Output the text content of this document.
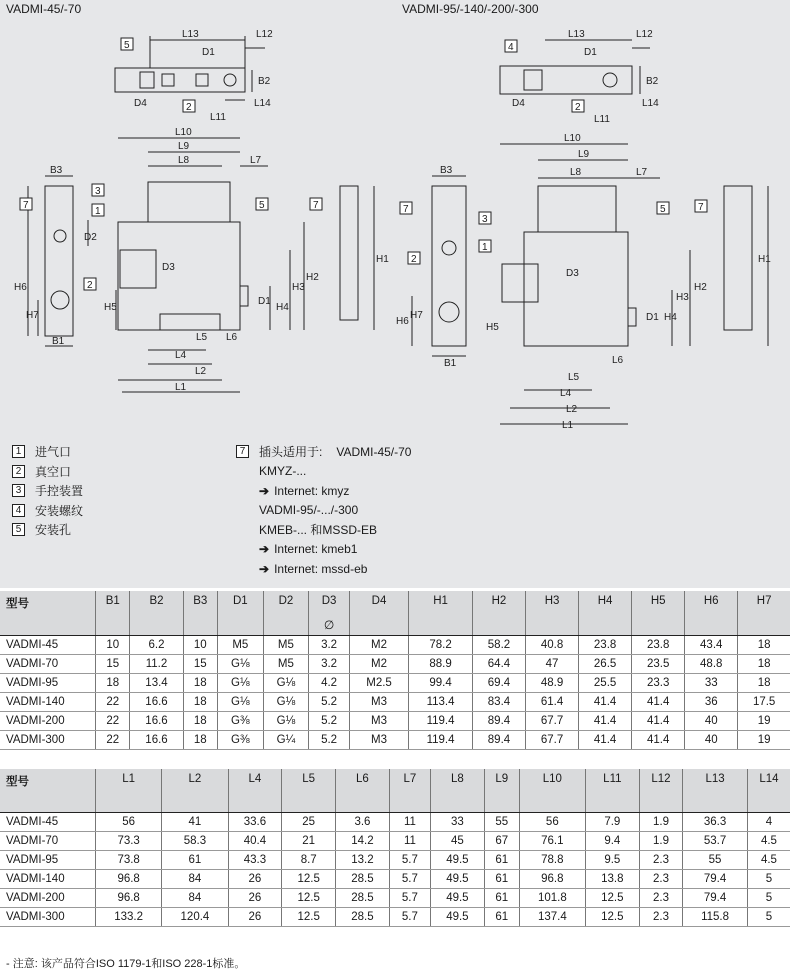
VADMI-45/-70	VADMI-95/-140/-200/-300
L13	L12
D1
B2
D4
L11
L14
L10
L9
L8	L7
B3
D2
H6
H7
B1
D3
H5
D1
H4
H3
H2
H1
L5 L6
L4
L2
L1
L13	L12
D1
B2
D4
L11
L14
L10
L9
L8	L7
B3
D3
H6
H7
H5
B1
D1 H4
H3
H2
H1
L6
L5
L4
L2
L1
5
2
7
3
1
2
5	7
4
2
7
3
1
2
5	7
1	进气口
2	真空口
3	手控装置
4	安装螺纹
5	安装孔
7	插头适用于: VADMI-45/-70
KMYZ-...
➔ Internet: kmyz
VADMI-95/-.../-300
KMEB-... 和MSSD-EB
➔ Internet: kmeb1
➔ Internet: mssd-eb
型号	B1	B2	B3	D1	D2	D3	D4	H1	H2	H3	H4	H5	H6	H7
						∅								
VADMI-45	10	6.2	10	M5	M5	3.2	M2	78.2	58.2	40.8	23.8	23.8	43.4	18
VADMI-70	15	11.2	15	G⅛	M5	3.2	M2	88.9	64.4	47	26.5	23.5	48.8	18
VADMI-95	18	13.4	18	G⅛	G⅛	4.2	M2.5	99.4	69.4	48.9	25.5	23.3	33	18
VADMI-140	22	16.6	18	G⅛	G⅛	5.2	M3	113.4	83.4	61.4	41.4	41.4	36	17.5
VADMI-200	22	16.6	18	G⅜	G⅛	5.2	M3	119.4	89.4	67.7	41.4	41.4	40	19
VADMI-300	22	16.6	18	G⅜	G¼	5.2	M3	119.4	89.4	67.7	41.4	41.4	40	19
型号	L1	L2	L4	L5	L6	L7	L8	L9	L10	L11	L12	L13	L14
VADMI-45	56	41	33.6	25	3.6	11	33	55	56	7.9	1.9	36.3	4
VADMI-70	73.3	58.3	40.4	21	14.2	11	45	67	76.1	9.4	1.9	53.7	4.5
VADMI-95	73.8	61	43.3	8.7	13.2	5.7	49.5	61	78.8	9.5	2.3	55	4.5
VADMI-140	96.8	84	26	12.5	28.5	5.7	49.5	61	96.8	13.8	2.3	79.4	5
VADMI-200	96.8	84	26	12.5	28.5	5.7	49.5	61	101.8	12.5	2.3	79.4	5
VADMI-300	133.2	120.4	26	12.5	28.5	5.7	49.5	61	137.4	12.5	2.3	115.8	5
- 注意: 该产品符合ISO 1179-1和ISO 228-1标准。
